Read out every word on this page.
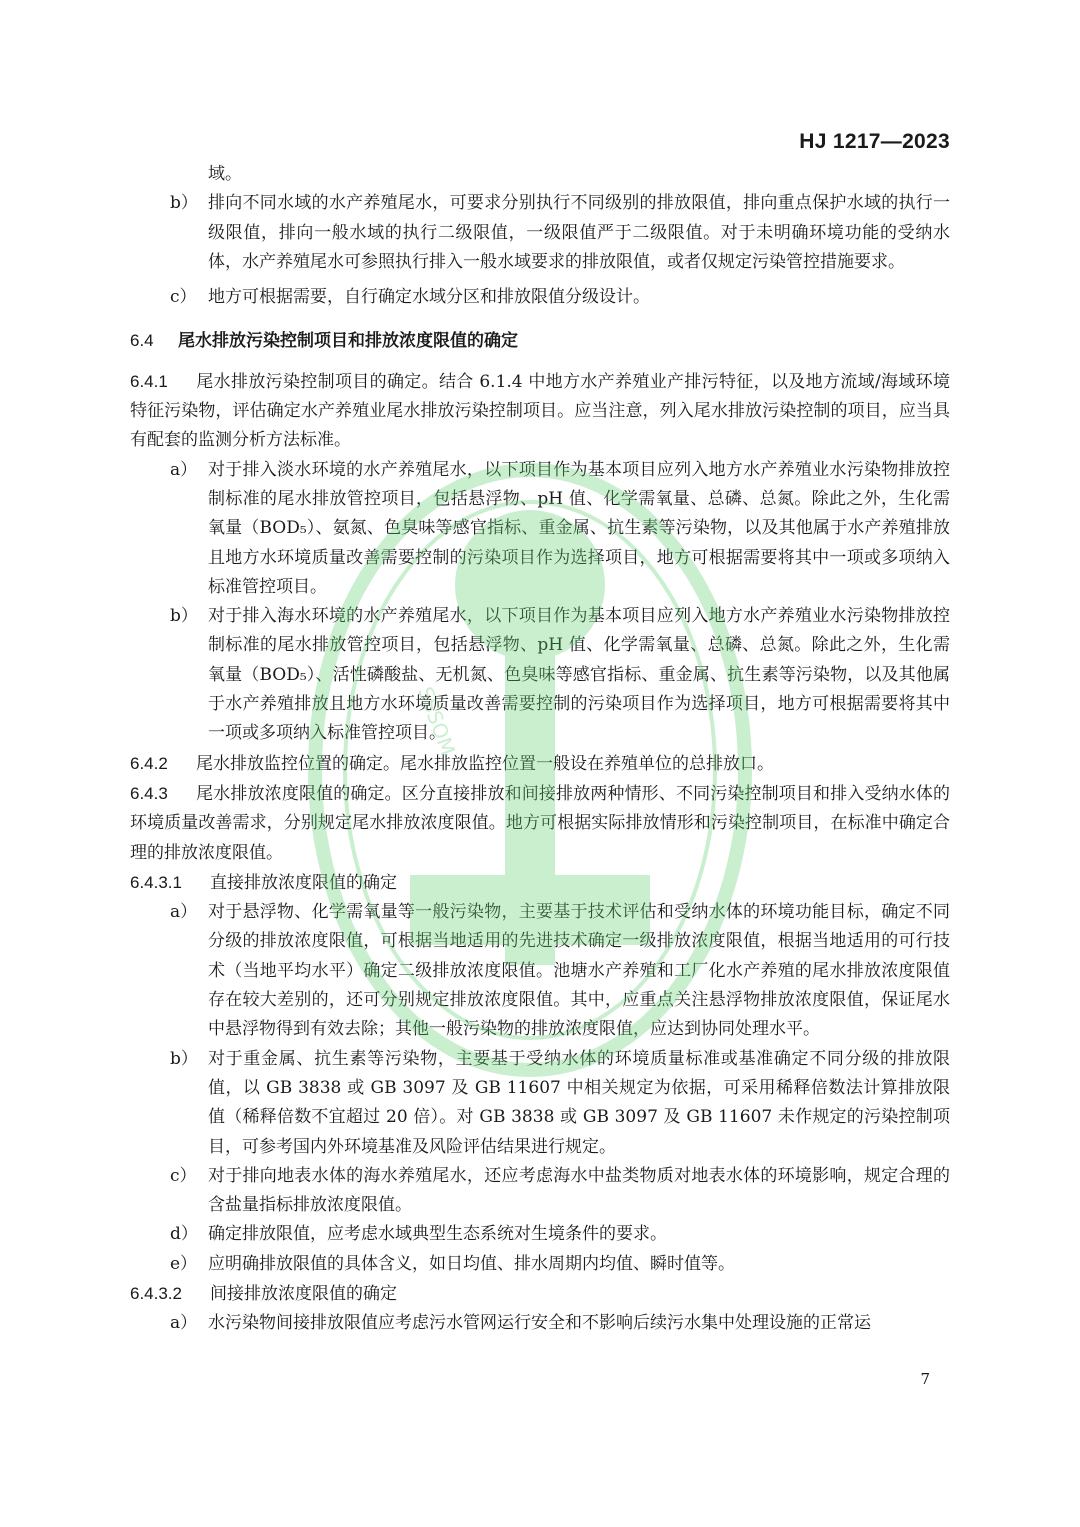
HJ 1217—2023

域。

b） 排向不同水域的水产养殖尾水，可要求分别执行不同级别的排放限值，排向重点保护水域的执行一级限值，排向一般水域的执行二级限值，一级限值严于二级限值。对于未明确环境功能的受纳水体，水产养殖尾水可参照执行排入一般水域要求的排放限值，或者仅规定污染管控措施要求。
c） 地方可根据需要，自行确定水域分区和排放限值分级设计。
6.4 尾水排放污染控制项目和排放浓度限值的确定

6.4.1 尾水排放污染控制项目的确定。结合 6.1.4 中地方水产养殖业产排污特征，以及地方流域/海域环境特征污染物，评估确定水产养殖业尾水排放污染控制项目。应当注意，列入尾水排放污染控制的项目，应当具有配套的监测分析方法标准。

a） 对于排入淡水环境的水产养殖尾水，以下项目作为基本项目应列入地方水产养殖业水污染物排放控制标准的尾水排放管控项目，包括悬浮物、pH 值、化学需氧量、总磷、总氮。除此之外，生化需氧量（BOD₅）、氨氮、色臭味等感官指标、重金属、抗生素等污染物，以及其他属于水产养殖排放且地方水环境质量改善需要控制的污染项目作为选择项目，地方可根据需要将其中一项或多项纳入标准管控项目。
b） 对于排入海水环境的水产养殖尾水，以下项目作为基本项目应列入地方水产养殖业水污染物排放控制标准的尾水排放管控项目，包括悬浮物、pH 值、化学需氧量、总磷、总氮。除此之外，生化需氧量（BOD₅）、活性磷酸盐、无机氮、色臭味等感官指标、重金属、抗生素等污染物，以及其他属于水产养殖排放且地方水环境质量改善需要控制的污染项目作为选择项目，地方可根据需要将其中一项或多项纳入标准管控项目。

6.4.2 尾水排放监控位置的确定。尾水排放监控位置一般设在养殖单位的总排放口。

6.4.3 尾水排放浓度限值的确定。区分直接排放和间接排放两种情形、不同污染控制项目和排入受纳水体的环境质量改善需求，分别规定尾水排放浓度限值。地方可根据实际排放情形和污染控制项目，在标准中确定合理的排放浓度限值。

6.4.3.1 直接排放浓度限值的确定

a） 对于悬浮物、化学需氧量等一般污染物，主要基于技术评估和受纳水体的环境功能目标，确定不同分级的排放浓度限值，可根据当地适用的先进技术确定一级排放浓度限值，根据当地适用的可行技术（当地平均水平）确定二级排放浓度限值。池塘水产养殖和工厂化水产养殖的尾水排放浓度限值存在较大差别的，还可分别规定排放浓度限值。其中，应重点关注悬浮物排放浓度限值，保证尾水中悬浮物得到有效去除；其他一般污染物的排放浓度限值，应达到协同处理水平。
b） 对于重金属、抗生素等污染物，主要基于受纳水体的环境质量标准或基准确定不同分级的排放限值，以 GB 3838 或 GB 3097 及 GB 11607 中相关规定为依据，可采用稀释倍数法计算排放限值（稀释倍数不宜超过 20 倍）。对 GB 3838 或 GB 3097 及 GB 11607 未作规定的污染控制项目，可参考国内外环境基准及风险评估结果进行规定。
c） 对于排向地表水体的海水养殖尾水，还应考虑海水中盐类物质对地表水体的环境影响，规定合理的含盐量指标排放浓度限值。
d） 确定排放限值，应考虑水域典型生态系统对生境条件的要求。
e） 应明确排放限值的具体含义，如日均值、排水周期内均值、瞬时值等。

6.4.3.2 间接排放浓度限值的确定

a） 水污染物间接排放限值应考虑污水管网运行安全和不影响后续污水集中处理设施的正常运
SSSOM
7
